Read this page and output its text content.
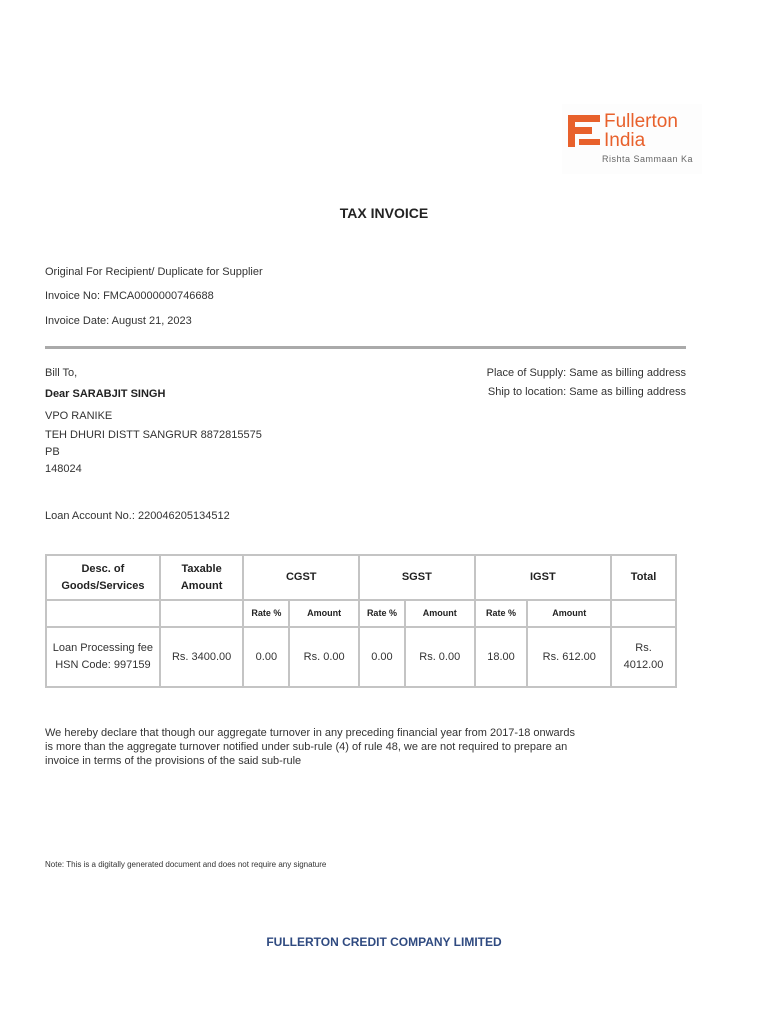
Fullerton
India
Rishta Sammaan Ka
TAX INVOICE
Original For Recipient/ Duplicate for Supplier
Invoice No: FMCA0000000746688
Invoice Date: August 21, 2023
Bill To,
Dear SARABJIT SINGH
VPO RANIKE
TEH DHURI DISTT SANGRUR 8872815575
PB
148024
Place of Supply: Same as billing address
Ship to location: Same as billing address
Loan Account No.: 220046205134512
Desc. of Goods/Services	Taxable Amount	CGST		SGST		IGST		Total
		Rate %	Amount	Rate %	Amount	Rate %	Amount	
Loan Processing fee HSN Code: 997159	Rs. 3400.00	0.00	Rs. 0.00	0.00	Rs. 0.00	18.00	Rs. 612.00	Rs. 4012.00
We hereby declare that though our aggregate turnover in any preceding financial year from 2017-18 onwards is more than the aggregate turnover notified under sub-rule (4) of rule 48, we are not required to prepare an invoice in terms of the provisions of the said sub-rule
Note: This is a digitally generated document and does not require any signature
FULLERTON CREDIT COMPANY LIMITED
